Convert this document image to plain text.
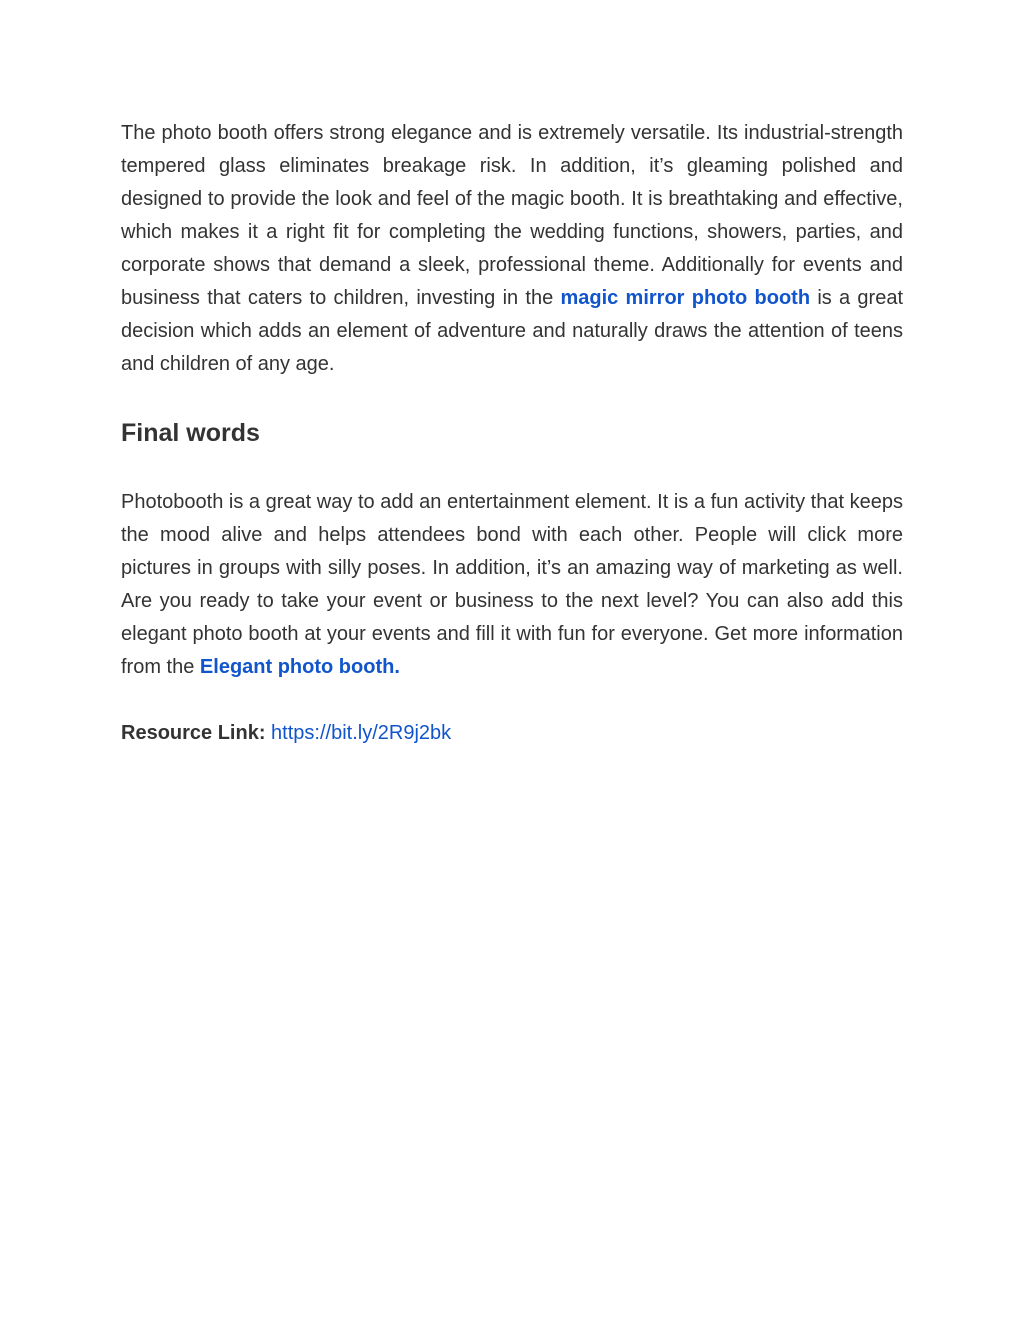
The photo booth offers strong elegance and is extremely versatile. Its industrial-strength tempered glass eliminates breakage risk. In addition, it’s gleaming polished and designed to provide the look and feel of the magic booth. It is breathtaking and effective, which makes it a right fit for completing the wedding functions, showers, parties, and corporate shows that demand a sleek, professional theme. Additionally for events and business that caters to children, investing in the magic mirror photo booth is a great decision which adds an element of adventure and naturally draws the attention of teens and children of any age.

Final words

Photobooth is a great way to add an entertainment element. It is a fun activity that keeps the mood alive and helps attendees bond with each other. People will click more pictures in groups with silly poses. In addition, it’s an amazing way of marketing as well. Are you ready to take your event or business to the next level? You can also add this elegant photo booth at your events and fill it with fun for everyone. Get more information from the Elegant photo booth.

Resource Link: https://bit.ly/2R9j2bk
